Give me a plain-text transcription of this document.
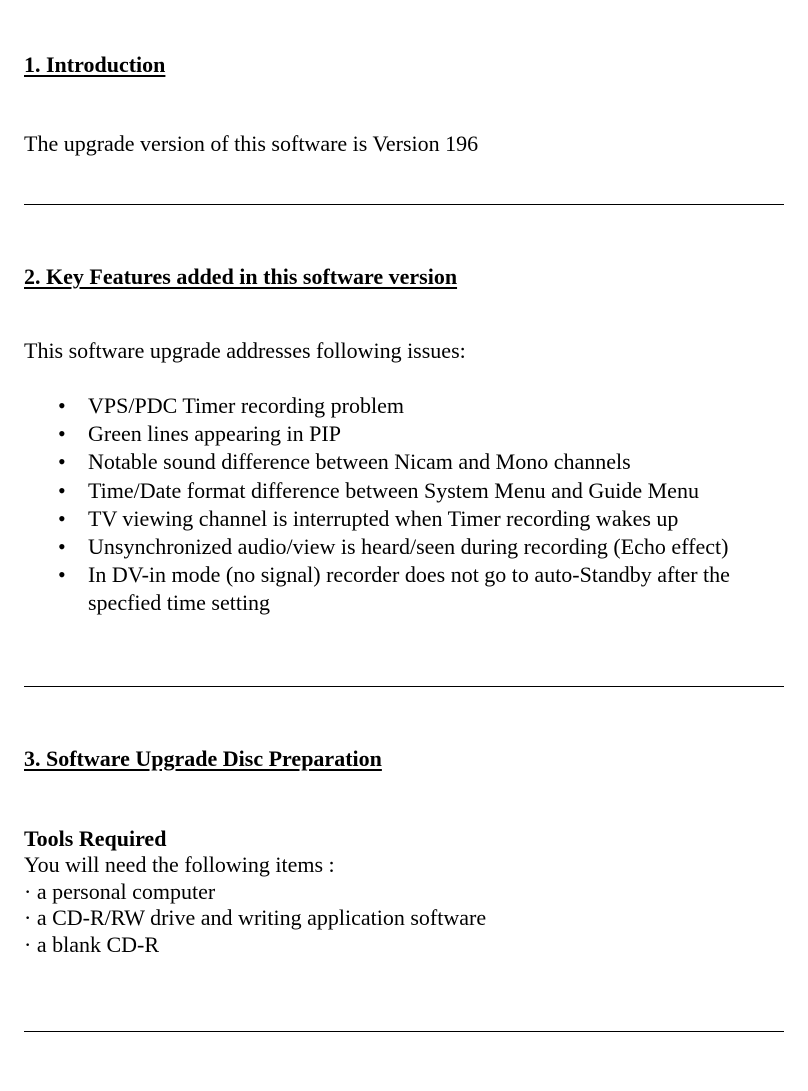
1. Introduction
The upgrade version of this software is Version 196
2. Key Features added in this software version
This software upgrade addresses following issues:
• VPS/PDC Timer recording problem
• Green lines appearing in PIP
• Notable sound difference between Nicam and Mono channels
• Time/Date format difference between System Menu and Guide Menu
• TV viewing channel is interrupted when Timer recording wakes up
• Unsynchronized audio/view is heard/seen during recording (Echo effect)
• In DV-in mode (no signal) recorder does not go to auto-Standby after the specfied time setting
3. Software Upgrade Disc Preparation
Tools Required
You will need the following items :
· a personal computer
· a CD-R/RW drive and writing application software
· a blank CD-R
